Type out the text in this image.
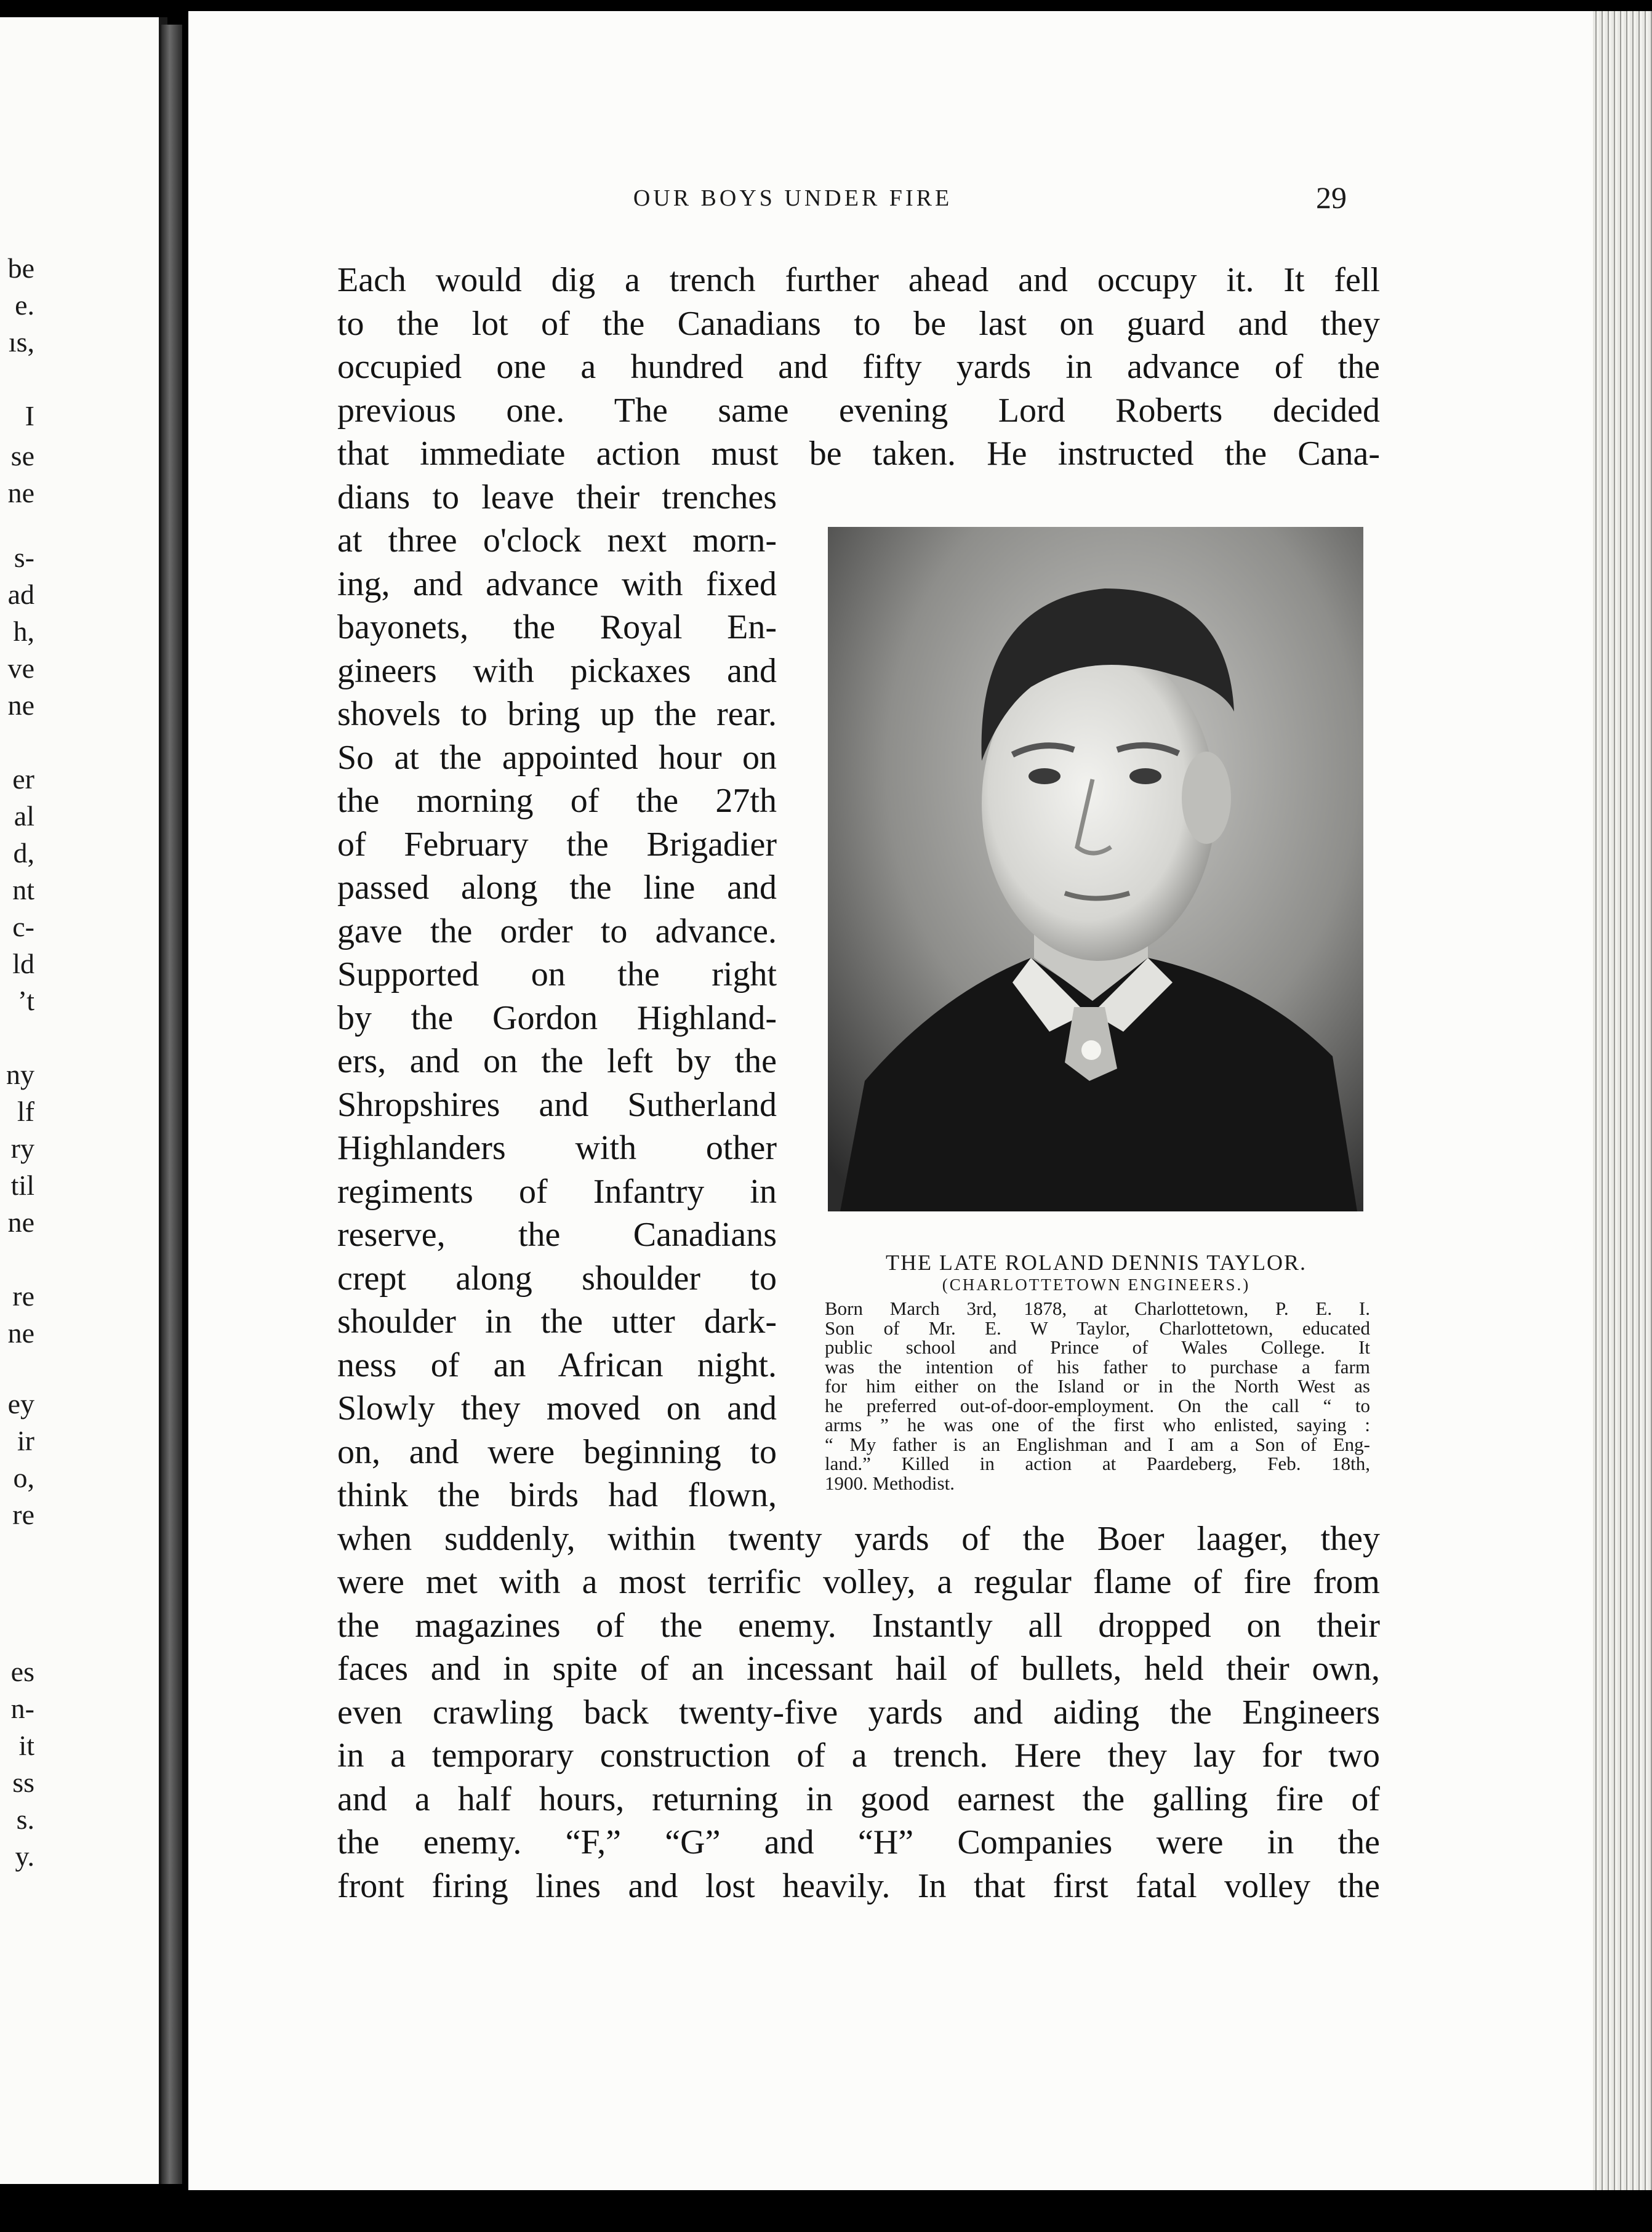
be
e.
ıs,
I
se
ne
s-
ad
h,
ve
ne
er
al
d,
nt
c-
ld
’t
ny
lf
ry
til
ne
re
ne
ey
ir
o,
re
es
n-
it
ss
s.
y.
OUR BOYS UNDER FIRE	29
Each would dig a trench further ahead and occupy it. It fell
to the lot of the Canadians to be last on guard and they
occupied one a hundred and fifty yards in advance of the
previous one. The same evening Lord Roberts decided
that immediate action must be taken. He instructed the Cana-
dians to leave their trenches
at three o'clock next morn-
ing, and advance with fixed
bayonets, the Royal En-
gineers with pickaxes and
shovels to bring up the rear.
So at the appointed hour on
the morning of the 27th
of February the Brigadier
passed along the line and
gave the order to advance.
Supported on the right
by the Gordon Highland-
ers, and on the left by the
Shropshires and Sutherland
Highlanders with other
regiments of Infantry in
reserve, the Canadians
crept along shoulder to
shoulder in the utter dark-
ness of an African night.
Slowly they moved on and
on, and were beginning to
think the birds had flown,
when suddenly, within twenty yards of the Boer laager, they
were met with a most terrific volley, a regular flame of fire from
the magazines of the enemy. Instantly all dropped on their
faces and in spite of an incessant hail of bullets, held their own,
even crawling back twenty-five yards and aiding the Engineers
in a temporary construction of a trench. Here they lay for two
and a half hours, returning in good earnest the galling fire of
the enemy. “F,” “G” and “H” Companies were in the
front firing lines and lost heavily. In that first fatal volley the
THE LATE ROLAND DENNIS TAYLOR.
(CHARLOTTETOWN ENGINEERS.)
Born March 3rd, 1878, at Charlottetown, P. E. I.
Son of Mr. E. W Taylor, Charlottetown, educated
public school and Prince of Wales College. It
was the intention of his father to purchase a farm
for him either on the Island or in the North West as
he preferred out-of-door-employment. On the call “ to
arms ” he was one of the first who enlisted, saying :
“ My father is an Englishman and I am a Son of Eng-
land.” Killed in action at Paardeberg, Feb. 18th,
1900. Methodist.
